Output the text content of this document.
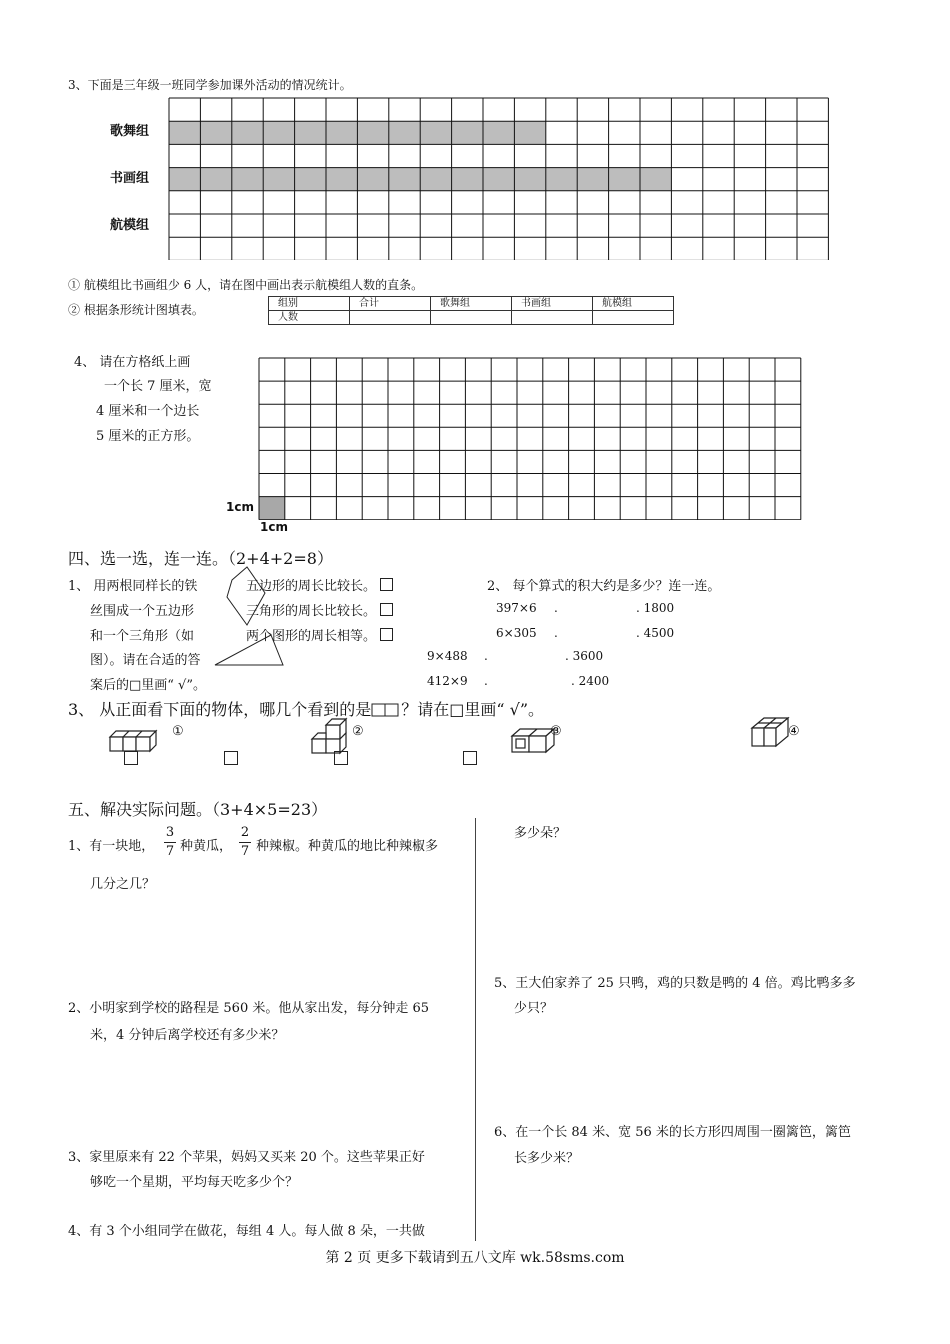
3、下面是三年级一班同学参加课外活动的情况统计。
歌舞组
书画组
航模组
① 航模组比书画组少 6 人，请在图中画出表示航模组人数的直条。
② 根据条形统计图填表。	组别	合计	歌舞组	书画组	航模组
人数				
4、 请在方格纸上画
一个长 7 厘米，宽
4 厘米和一个边长
5 厘米的正方形。
1cm
1cm
四、选一选，连一连。（2+4+2=8）
1、 用两根同样长的铁
丝围成一个五边形
和一个三角形（如
图）。请在合适的答
案后的□里画“ √”。
五边形的周长比较长。
三角形的周长比较长。
两个图形的周长相等。
2、 每个算式的积大约是多少？连一连。
397×6
6×305
9×488
412×9
.
.
.
.
. 1800
. 4500
. 3600
. 2400
3、 从正面看下面的物体，哪几个看到的是 ？请在□里画“ √”。
①	②	③	④
五、解决实际问题。（3+4×5=23）
1、有一块地，
3
7 种黄瓜，
2
7 种辣椒。种黄瓜的地比种辣椒多
几分之几？
2、小明家到学校的路程是 560 米。他从家出发，每分钟走 65
米，4 分钟后离学校还有多少米？
3、家里原来有 22 个苹果，妈妈又买来 20 个。这些苹果正好
够吃一个星期，平均每天吃多少个？
4、有 3 个小组同学在做花，每组 4 人。每人做 8 朵，一共做
多少朵？
5、王大伯家养了 25 只鸭，鸡的只数是鸭的 4 倍。鸡比鸭多多
少只？
6、在一个长 84 米、宽 56 米的长方形四周围一圈篱笆，篱笆
长多少米？
第 2 页 更多下载请到五八文库 wk.58sms.com
